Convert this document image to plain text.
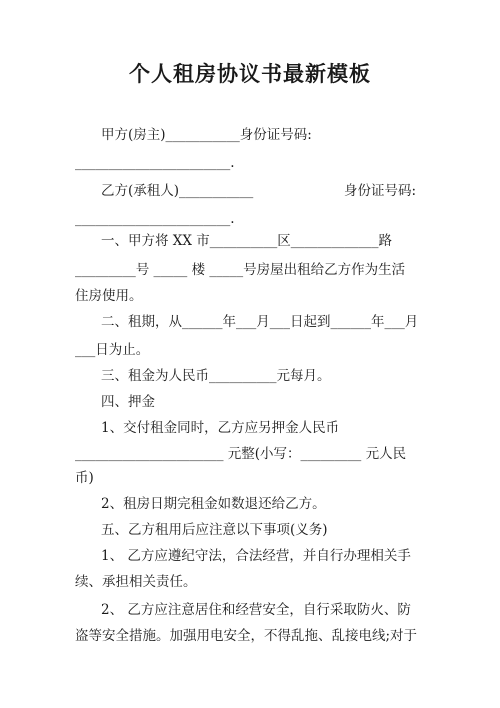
个人租房协议书最新模板
甲方(房主)___________身份证号码:
_______________________.
乙方(承租人)___________	身份证号码:
_______________________.
一、甲方将 XX 市__________区_____________路
_________号 _____ 楼 _____号房屋出租给乙方作为生活
住房使用。
二、租期，从______年___月___日起到______年___月
___日为止。
三、租金为人民币__________元每月。
四、押金
1、交付租金同时，乙方应另押金人民币
______________________ 元整(小写：_________ 元人民
币)
2、租房日期完租金如数退还给乙方。
五、乙方租用后应注意以下事项(义务)
1、 乙方应遵纪守法，合法经营，并自行办理相关手
续、承担相关责任。
2、 乙方应注意居住和经营安全，自行采取防火、防
盗等安全措施。加强用电安全，不得乱拖、乱接电线;对于
